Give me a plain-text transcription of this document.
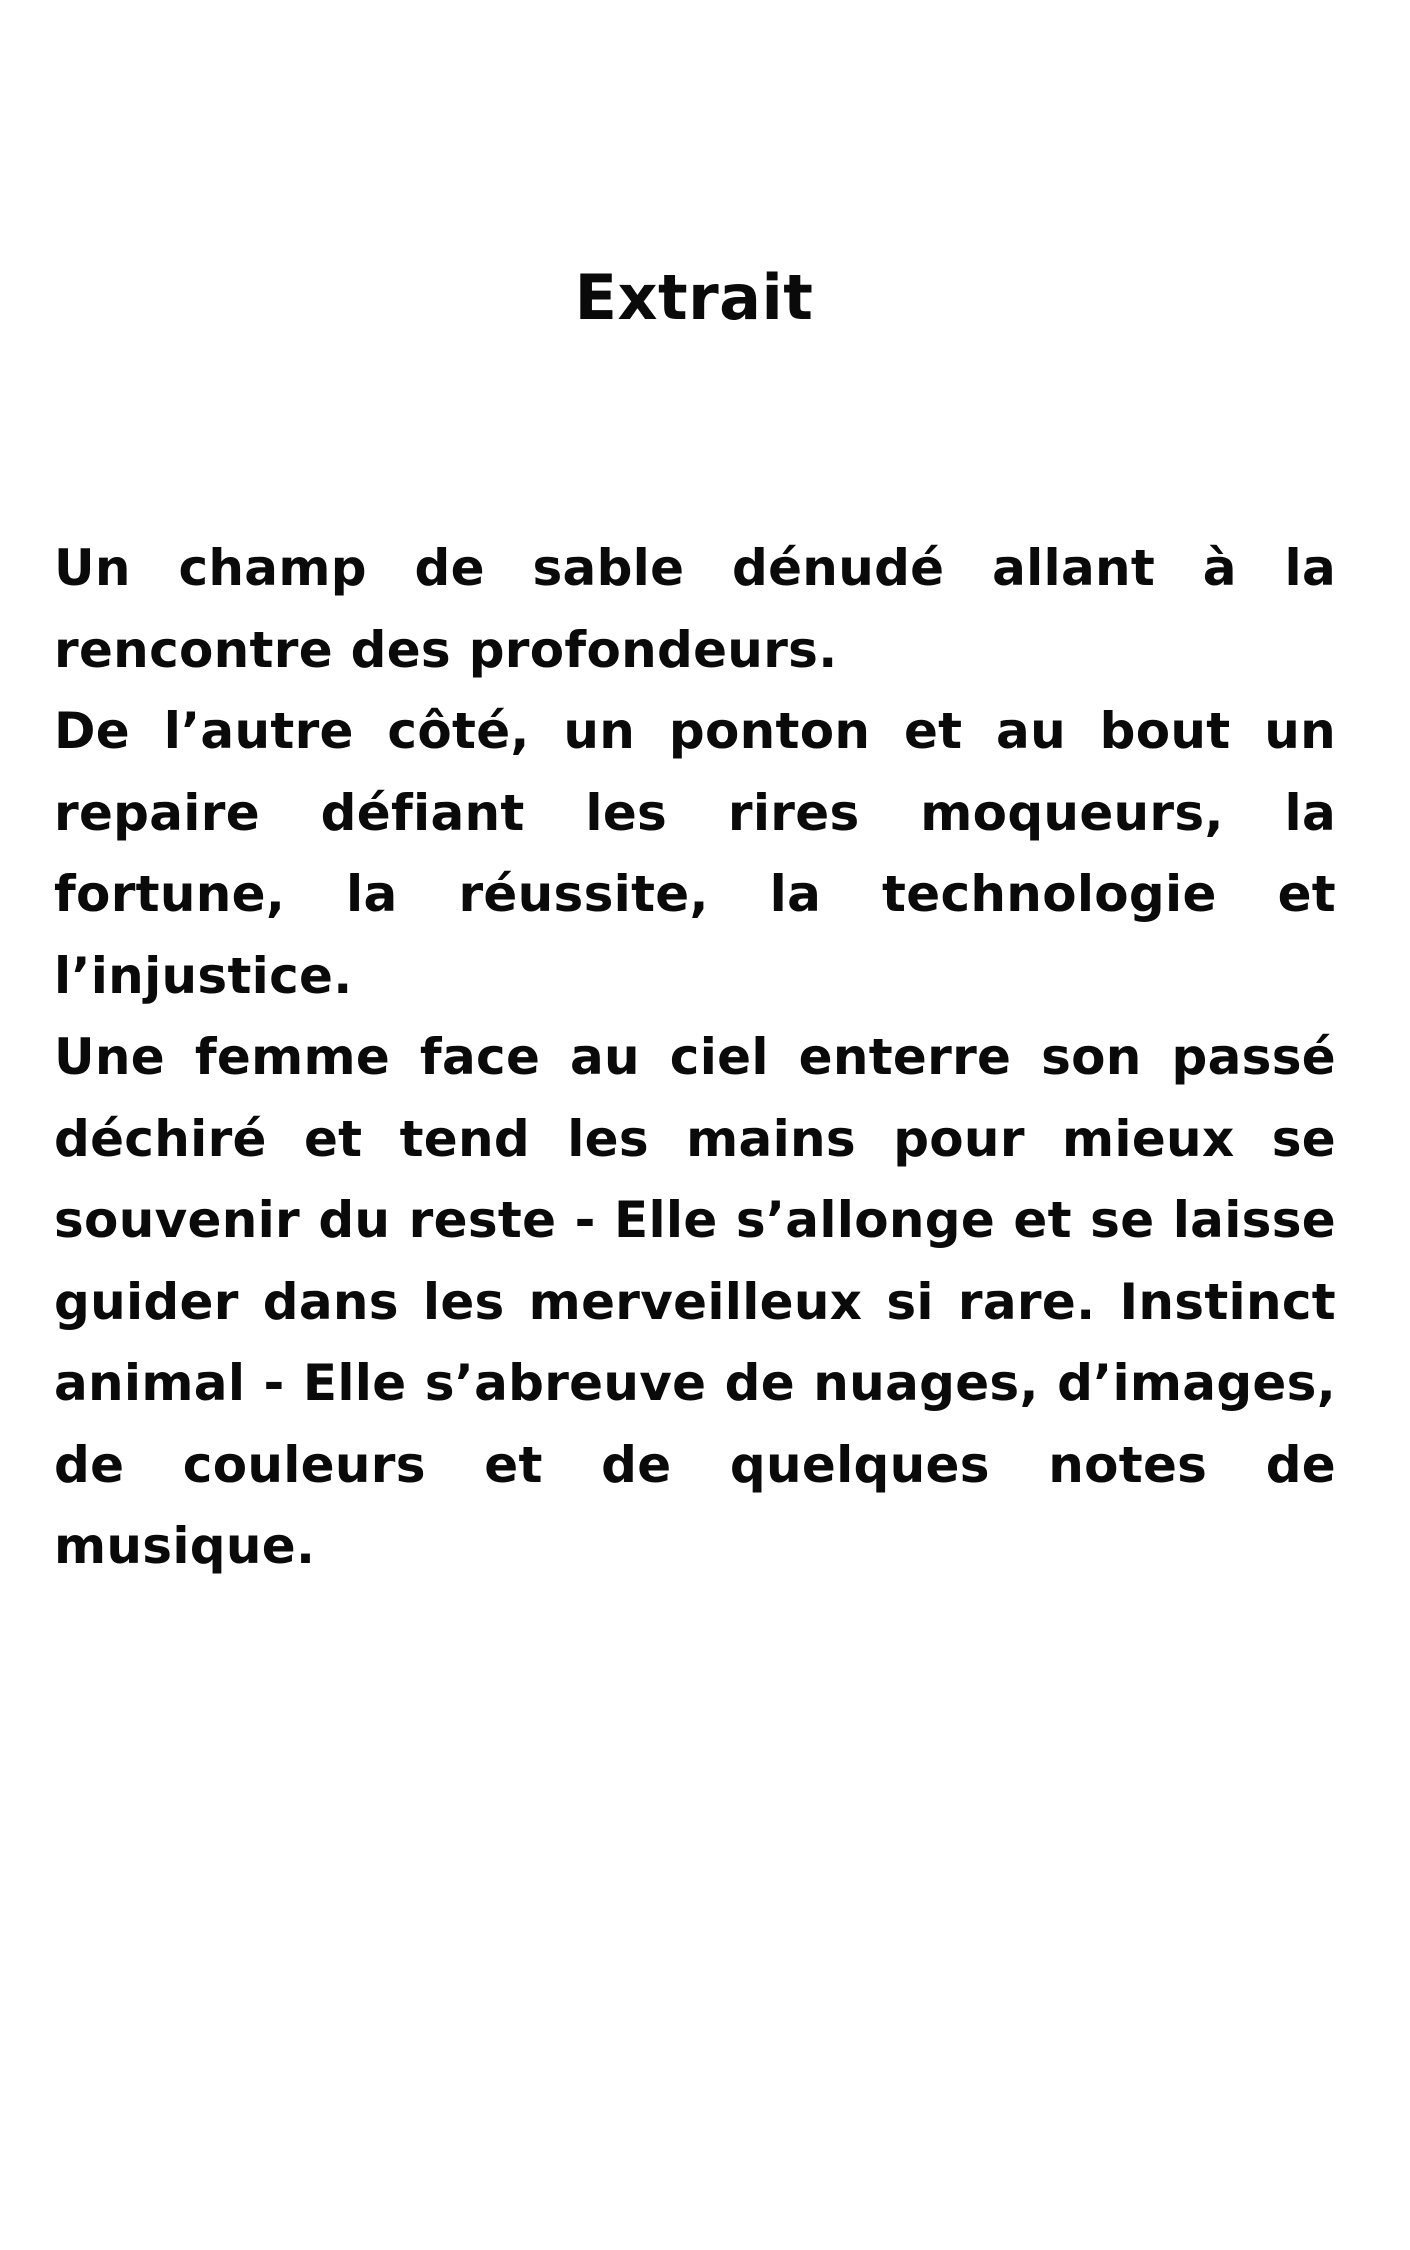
Extrait

Un champ de sable dénudé allant à la rencontre des profondeurs.

De l’autre côté, un ponton et au bout un repaire défiant les rires moqueurs, la fortune, la réussite, la technologie et l’injustice.

Une femme face au ciel enterre son passé déchiré et tend les mains pour mieux se souvenir du reste - Elle s’allonge et se laisse guider dans les merveilleux si rare. Instinct animal - Elle s’abreuve de nuages, d’images, de couleurs et de quelques notes de musique.
